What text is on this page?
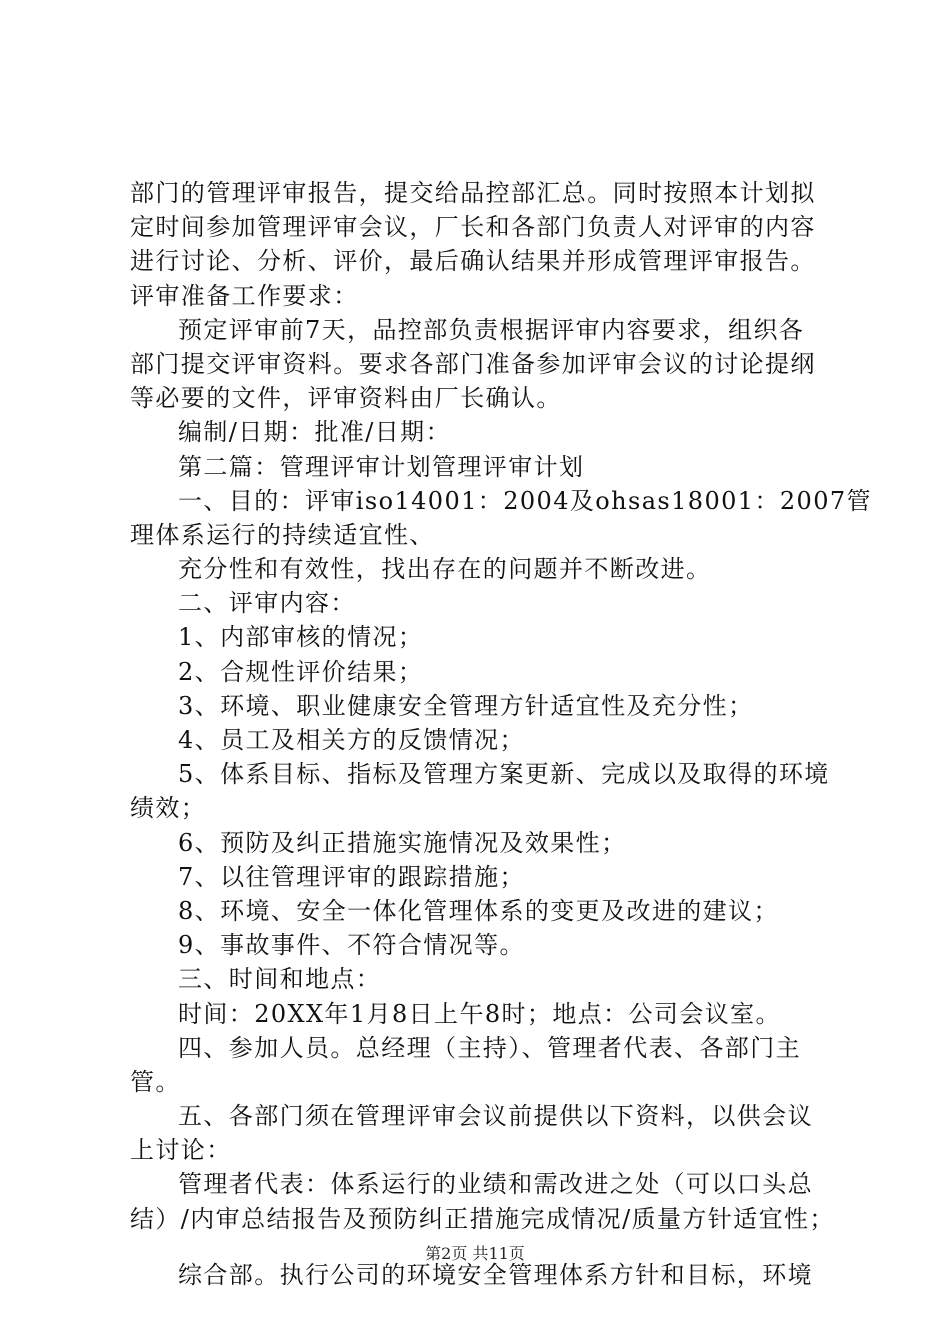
部门的管理评审报告，提交给品控部汇总。同时按照本计划拟
定时间参加管理评审会议，厂长和各部门负责人对评审的内容
进行讨论、分析、评价，最后确认结果并形成管理评审报告。
评审准备工作要求：
预定评审前7天，品控部负责根据评审内容要求，组织各
部门提交评审资料。要求各部门准备参加评审会议的讨论提纲
等必要的文件，评审资料由厂长确认。
编制/日期：批准/日期：
第二篇：管理评审计划管理评审计划
一、目的：评审iso14001：2004及ohsas18001：2007管
理体系运行的持续适宜性、
充分性和有效性，找出存在的问题并不断改进。
二、评审内容：
1、内部审核的情况；
2、合规性评价结果；
3、环境、职业健康安全管理方针适宜性及充分性；
4、员工及相关方的反馈情况；
5、体系目标、指标及管理方案更新、完成以及取得的环境
绩效；
6、预防及纠正措施实施情况及效果性；
7、以往管理评审的跟踪措施；
8、环境、安全一体化管理体系的变更及改进的建议；
9、事故事件、不符合情况等。
三、时间和地点：
时间：20XX年1月8日上午8时；地点：公司会议室。
四、参加人员。总经理（主持）、管理者代表、各部门主
管。
五、各部门须在管理评审会议前提供以下资料，以供会议
上讨论：
管理者代表：体系运行的业绩和需改进之处（可以口头总
结）/内审总结报告及预防纠正措施完成情况/质量方针适宜性；
综合部。执行公司的环境安全管理体系方针和目标，环境
第2页 共11页
